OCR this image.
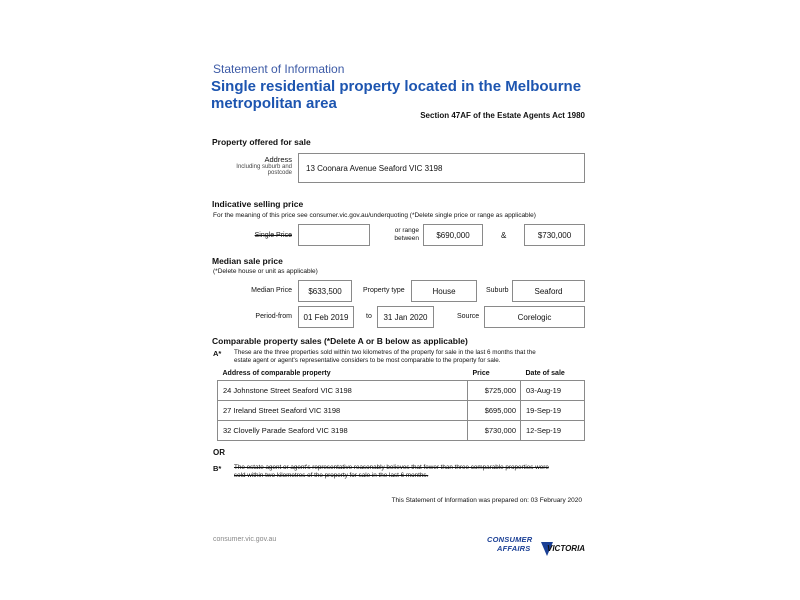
Statement of Information
Single residential property located in the Melbourne
metropolitan area
Section 47AF of the Estate Agents Act 1980
Property offered for sale
Address
Including suburb and
postcode
13 Coonara Avenue Seaford VIC 3198
Indicative selling price
For the meaning of this price see consumer.vic.gov.au/underquoting (*Delete single price or range as applicable)
Single Price
or range
between	$690,000	&	$730,000
Median sale price
(*Delete house or unit as applicable)
Median Price	$633,500	Property type	House	Suburb	Seaford
Period-from	01 Feb 2019	to	31 Jan 2020	Source	Corelogic
Comparable property sales (*Delete A or B below as applicable)
A* These are the three properties sold within two kilometres of the property for sale in the last 6 months that the
estate agent or agent's representative considers to be most comparable to the property for sale.
Address of comparable property	Price	Date of sale
24 Johnstone Street Seaford VIC 3198	$725,000	03-Aug-19
27 Ireland Street Seaford VIC 3198	$695,000	19-Sep-19
32 Clovelly Parade Seaford VIC 3198	$730,000	12-Sep-19
OR
B* The estate agent or agent's representative reasonably believes that fewer than three comparable properties were
sold within two kilometres of the property for sale in the last 6 months.
This Statement of Information was prepared on: 03 February 2020
consumer.vic.gov.au	CONSUMER
AFFAIRS VICTORIA
